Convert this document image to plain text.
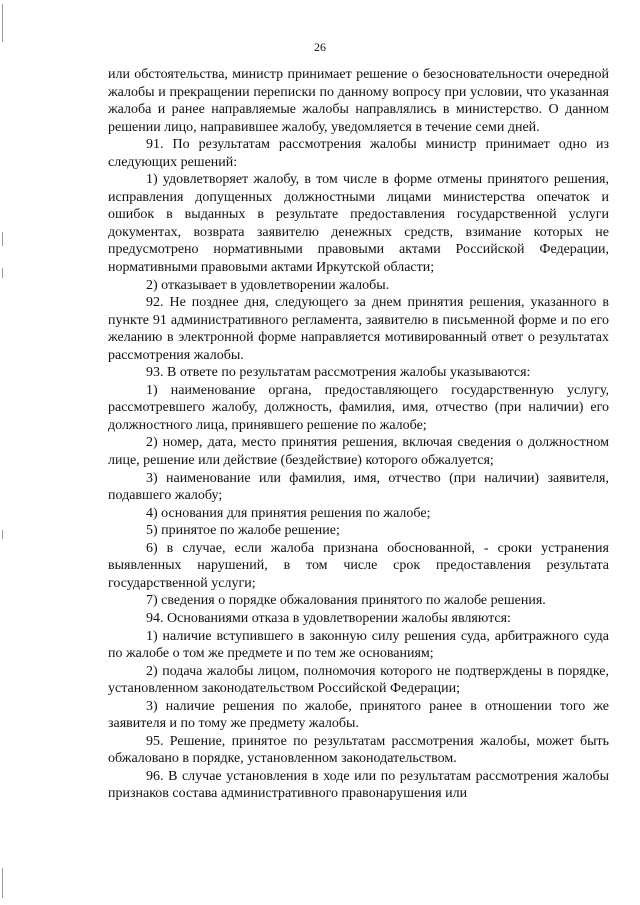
26

или обстоятельства, министр принимает решение о безосновательности очередной жалобы и прекращении переписки по данному вопросу при условии, что указанная жалоба и ранее направляемые жалобы направлялись в министерство. О данном решении лицо, направившее жалобу, уведомляется в течение семи дней.

91. По результатам рассмотрения жалобы министр принимает одно из следующих решений:

1) удовлетворяет жалобу, в том числе в форме отмены принятого решения, исправления допущенных должностными лицами министерства опечаток и ошибок в выданных в результате предоставления государственной услуги документах, возврата заявителю денежных средств, взимание которых не предусмотрено нормативными правовыми актами Российской Федерации, нормативными правовыми актами Иркутской области;

2) отказывает в удовлетворении жалобы.

92. Не позднее дня, следующего за днем принятия решения, указанного в пункте 91 административного регламента, заявителю в письменной форме и по его желанию в электронной форме направляется мотивированный ответ о результатах рассмотрения жалобы.

93. В ответе по результатам рассмотрения жалобы указываются:

1) наименование органа, предоставляющего государственную услугу, рассмотревшего жалобу, должность, фамилия, имя, отчество (при наличии) его должностного лица, принявшего решение по жалобе;

2) номер, дата, место принятия решения, включая сведения о должностном лице, решение или действие (бездействие) которого обжалуется;

3) наименование или фамилия, имя, отчество (при наличии) заявителя, подавшего жалобу;

4) основания для принятия решения по жалобе;

5) принятое по жалобе решение;

6) в случае, если жалоба признана обоснованной, - сроки устранения выявленных нарушений, в том числе срок предоставления результата государственной услуги;

7) сведения о порядке обжалования принятого по жалобе решения.

94. Основаниями отказа в удовлетворении жалобы являются:

1) наличие вступившего в законную силу решения суда, арбитражного суда по жалобе о том же предмете и по тем же основаниям;

2) подача жалобы лицом, полномочия которого не подтверждены в порядке, установленном законодательством Российской Федерации;

3) наличие решения по жалобе, принятого ранее в отношении того же заявителя и по тому же предмету жалобы.

95. Решение, принятое по результатам рассмотрения жалобы, может быть обжаловано в порядке, установленном законодательством.

96. В случае установления в ходе или по результатам рассмотрения жалобы признаков состава административного правонарушения или
